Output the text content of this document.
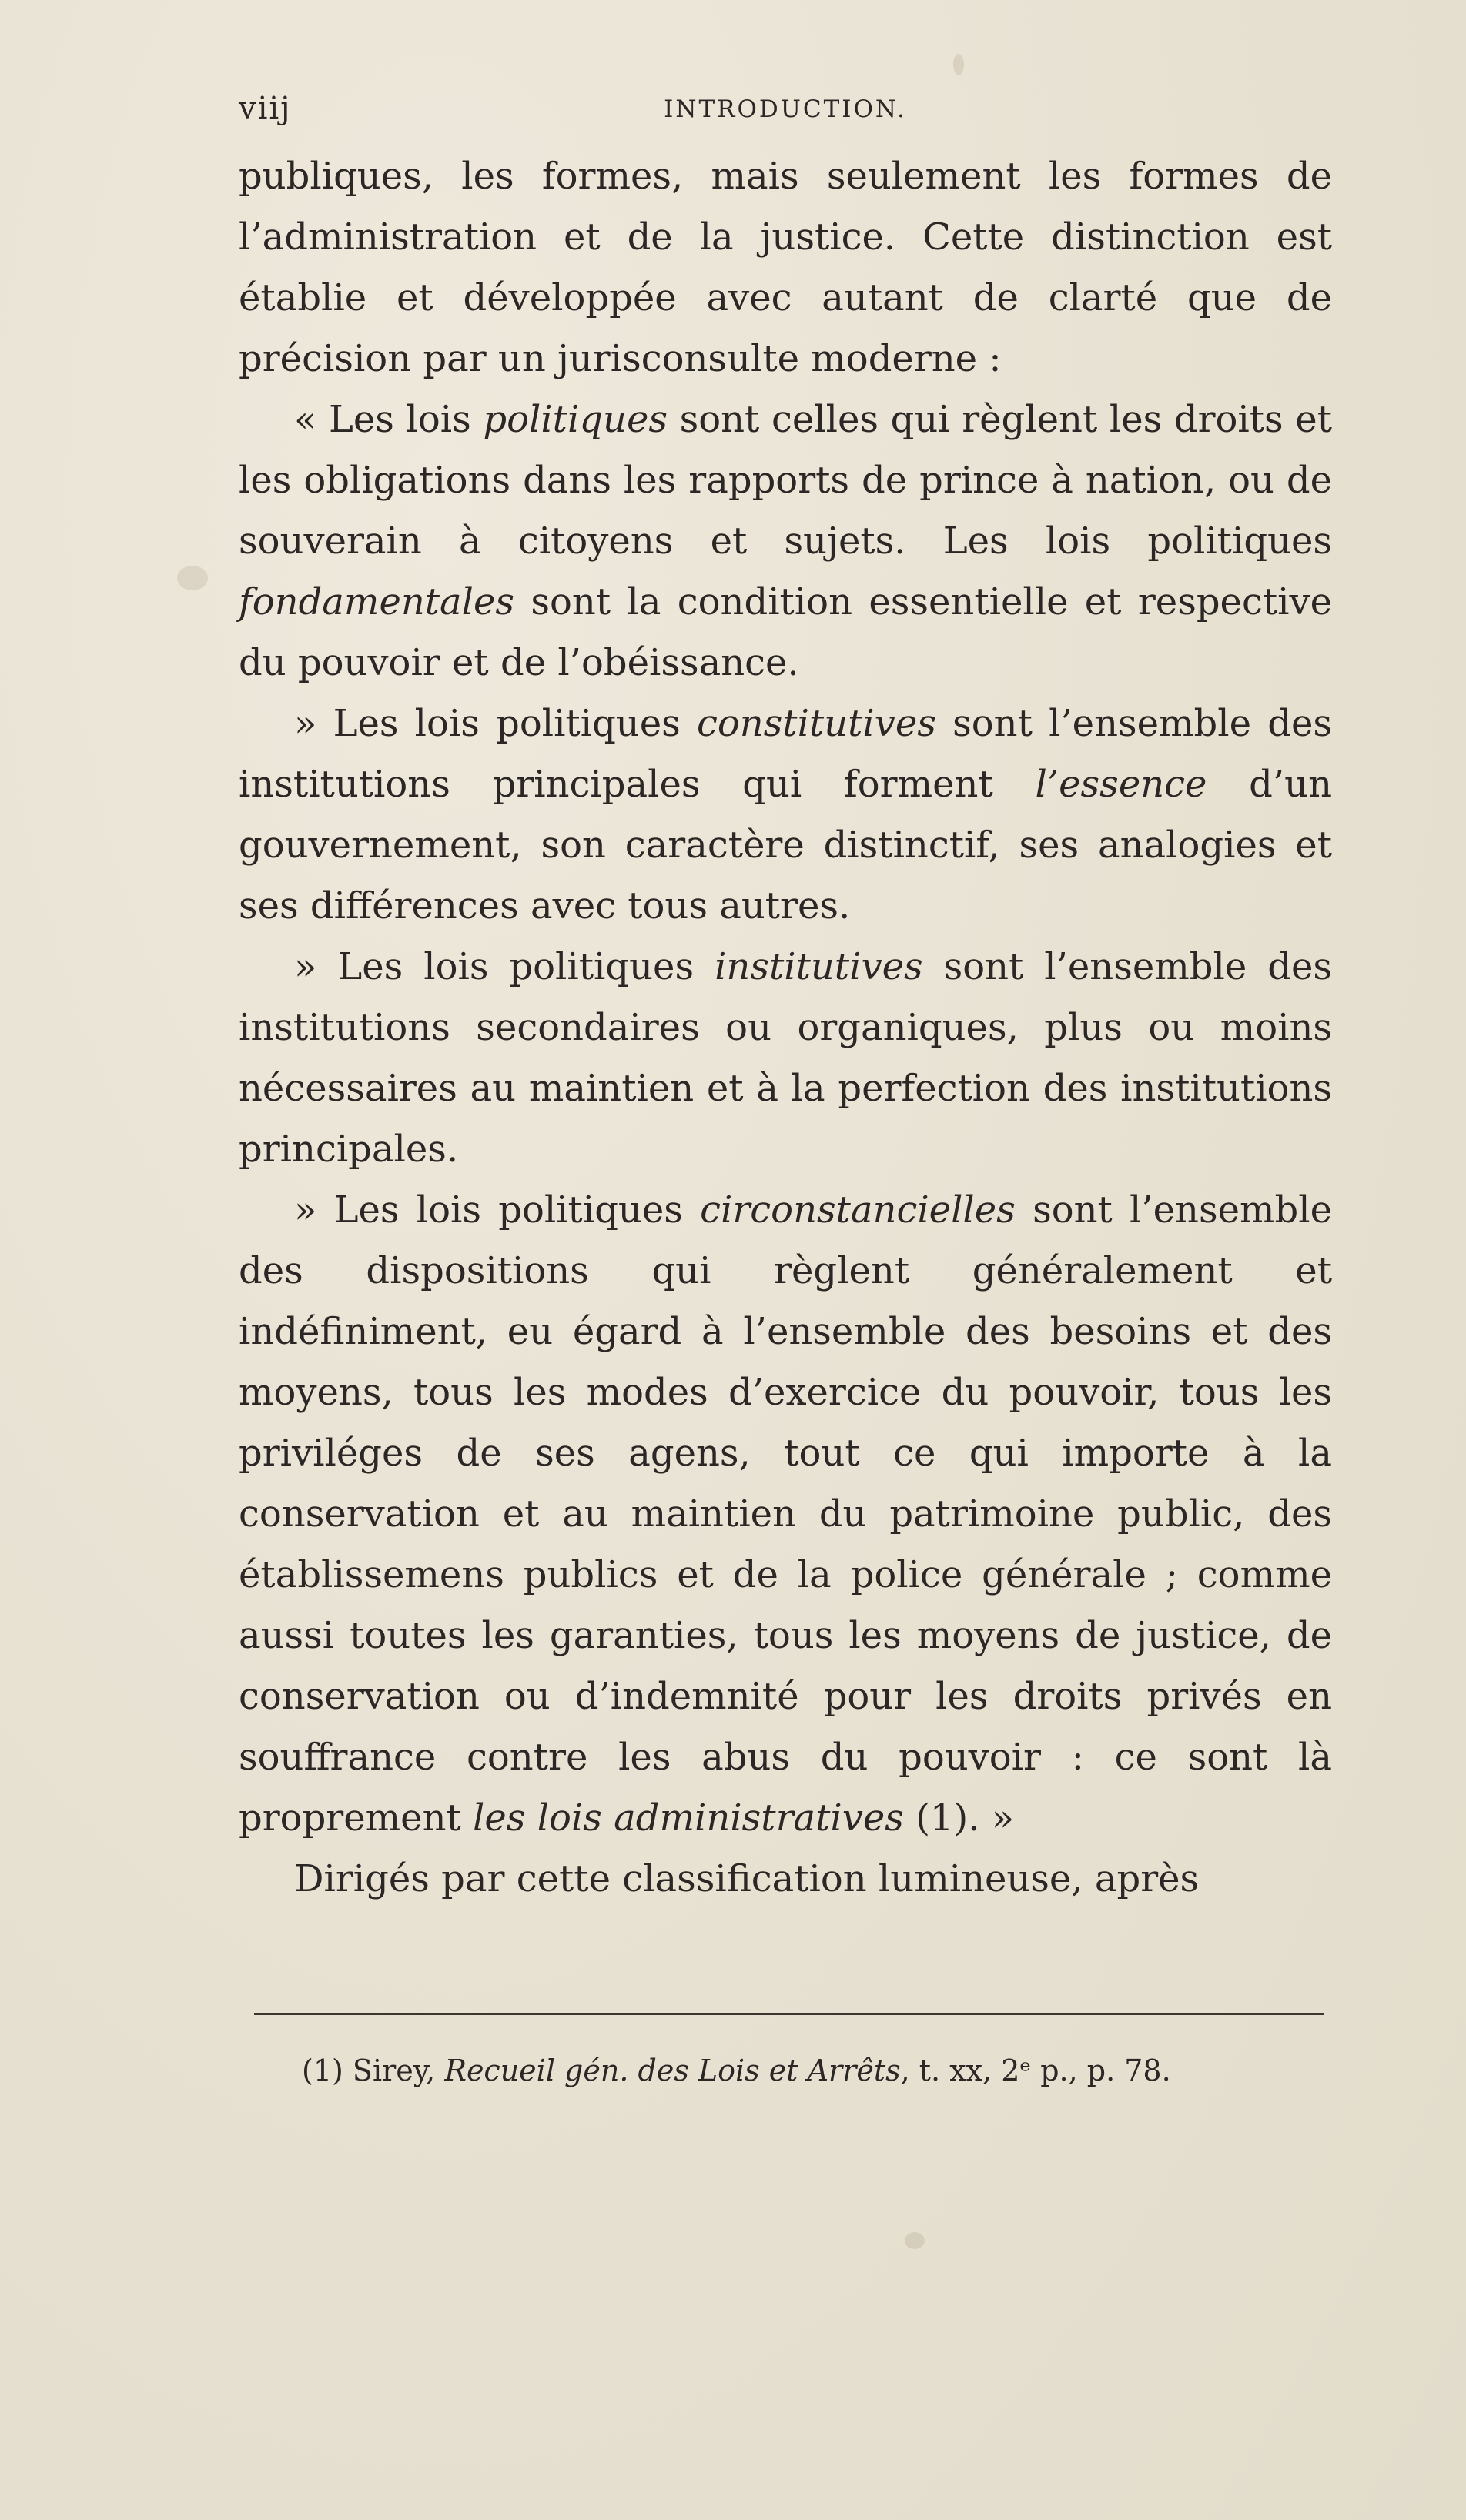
viij	INTRODUCTION.

publiques, les formes, mais seulement les formes de l’administration et de la justice. Cette distinction est établie et développée avec autant de clarté que de précision par un jurisconsulte moderne :

« Les lois politiques sont celles qui règlent les droits et les obligations dans les rapports de prince à nation, ou de souverain à citoyens et sujets. Les lois politiques fondamentales sont la condition essentielle et respective du pouvoir et de l’obéissance.

» Les lois politiques constitutives sont l’ensemble des institutions principales qui forment l’essence d’un gouvernement, son caractère distinctif, ses analogies et ses différences avec tous autres.

» Les lois politiques institutives sont l’ensemble des institutions secondaires ou organiques, plus ou moins nécessaires au maintien et à la perfection des institutions principales.

» Les lois politiques circonstancielles sont l’ensemble des dispositions qui règlent généralement et indéfiniment, eu égard à l’ensemble des besoins et des moyens, tous les modes d’exercice du pouvoir, tous les priviléges de ses agens, tout ce qui importe à la conservation et au maintien du patrimoine public, des établissemens publics et de la police générale ; comme aussi toutes les garanties, tous les moyens de justice, de conservation ou d’indemnité pour les droits privés en souffrance contre les abus du pouvoir : ce sont là proprement les lois administratives (1). »

Dirigés par cette classification lumineuse, après

(1) Sirey, Recueil gén. des Lois et Arrêts, t. xx, 2ᵉ p., p. 78.
